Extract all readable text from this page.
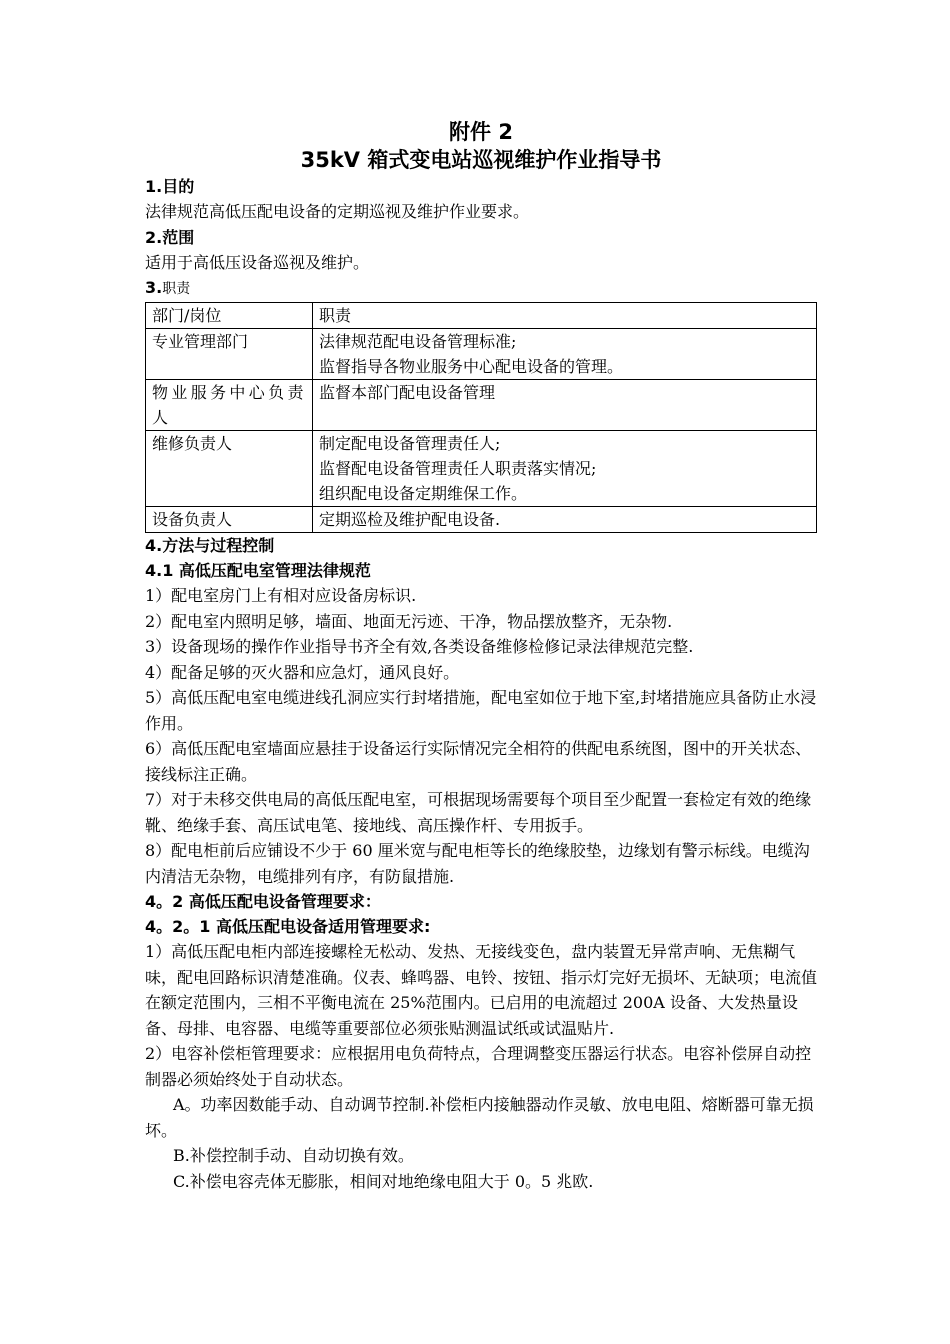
附件 2
35kV 箱式变电站巡视维护作业指导书
1.目的
法律规范高低压配电设备的定期巡视及维护作业要求。
2.范围
适用于高低压设备巡视及维护。
3.职责
部门/岗位	职责
专业管理部门	法律规范配电设备管理标准;
监督指导各物业服务中心配电设备的管理。

物业服务中心负责人	监督本部门配电设备管理

维修负责人	制定配电设备管理责任人;
监督配电设备管理责任人职责落实情况;
组织配电设备定期维保工作。

设备负责人	定期巡检及维护配电设备.
4.方法与过程控制
4.1 高低压配电室管理法律规范
1）配电室房门上有相对应设备房标识.
2）配电室内照明足够，墙面、地面无污迹、干净，物品摆放整齐，无杂物.
3）设备现场的操作作业指导书齐全有效,各类设备维修检修记录法律规范完整.
4）配备足够的灭火器和应急灯，通风良好。
5）高低压配电室电缆进线孔洞应实行封堵措施，配电室如位于地下室,封堵措施应具备防止水浸作用。
6）高低压配电室墙面应悬挂于设备运行实际情况完全相符的供配电系统图，图中的开关状态、接线标注正确。
7）对于未移交供电局的高低压配电室，可根据现场需要每个项目至少配置一套检定有效的绝缘靴、绝缘手套、高压试电笔、接地线、高压操作杆、专用扳手。
8）配电柜前后应铺设不少于 60 厘米宽与配电柜等长的绝缘胶垫，边缘划有警示标线。电缆沟内清洁无杂物，电缆排列有序，有防鼠措施.
4。2 高低压配电设备管理要求：
4。2。1 高低压配电设备适用管理要求:
1）高低压配电柜内部连接螺栓无松动、发热、无接线变色，盘内装置无异常声响、无焦糊气味，配电回路标识清楚准确。仪表、蜂鸣器、电铃、按钮、指示灯完好无损坏、无缺项；电流值在额定范围内，三相不平衡电流在 25%范围内。已启用的电流超过 200A 设备、大发热量设备、母排、电容器、电缆等重要部位必须张贴测温试纸或试温贴片.
2）电容补偿柜管理要求：应根据用电负荷特点，合理调整变压器运行状态。电容补偿屏自动控制器必须始终处于自动状态。
A。功率因数能手动、自动调节控制.补偿柜内接触器动作灵敏、放电电阻、熔断器可靠无损坏。
B.补偿控制手动、自动切换有效。
C.补偿电容壳体无膨胀，相间对地绝缘电阻大于 0。5 兆欧.
